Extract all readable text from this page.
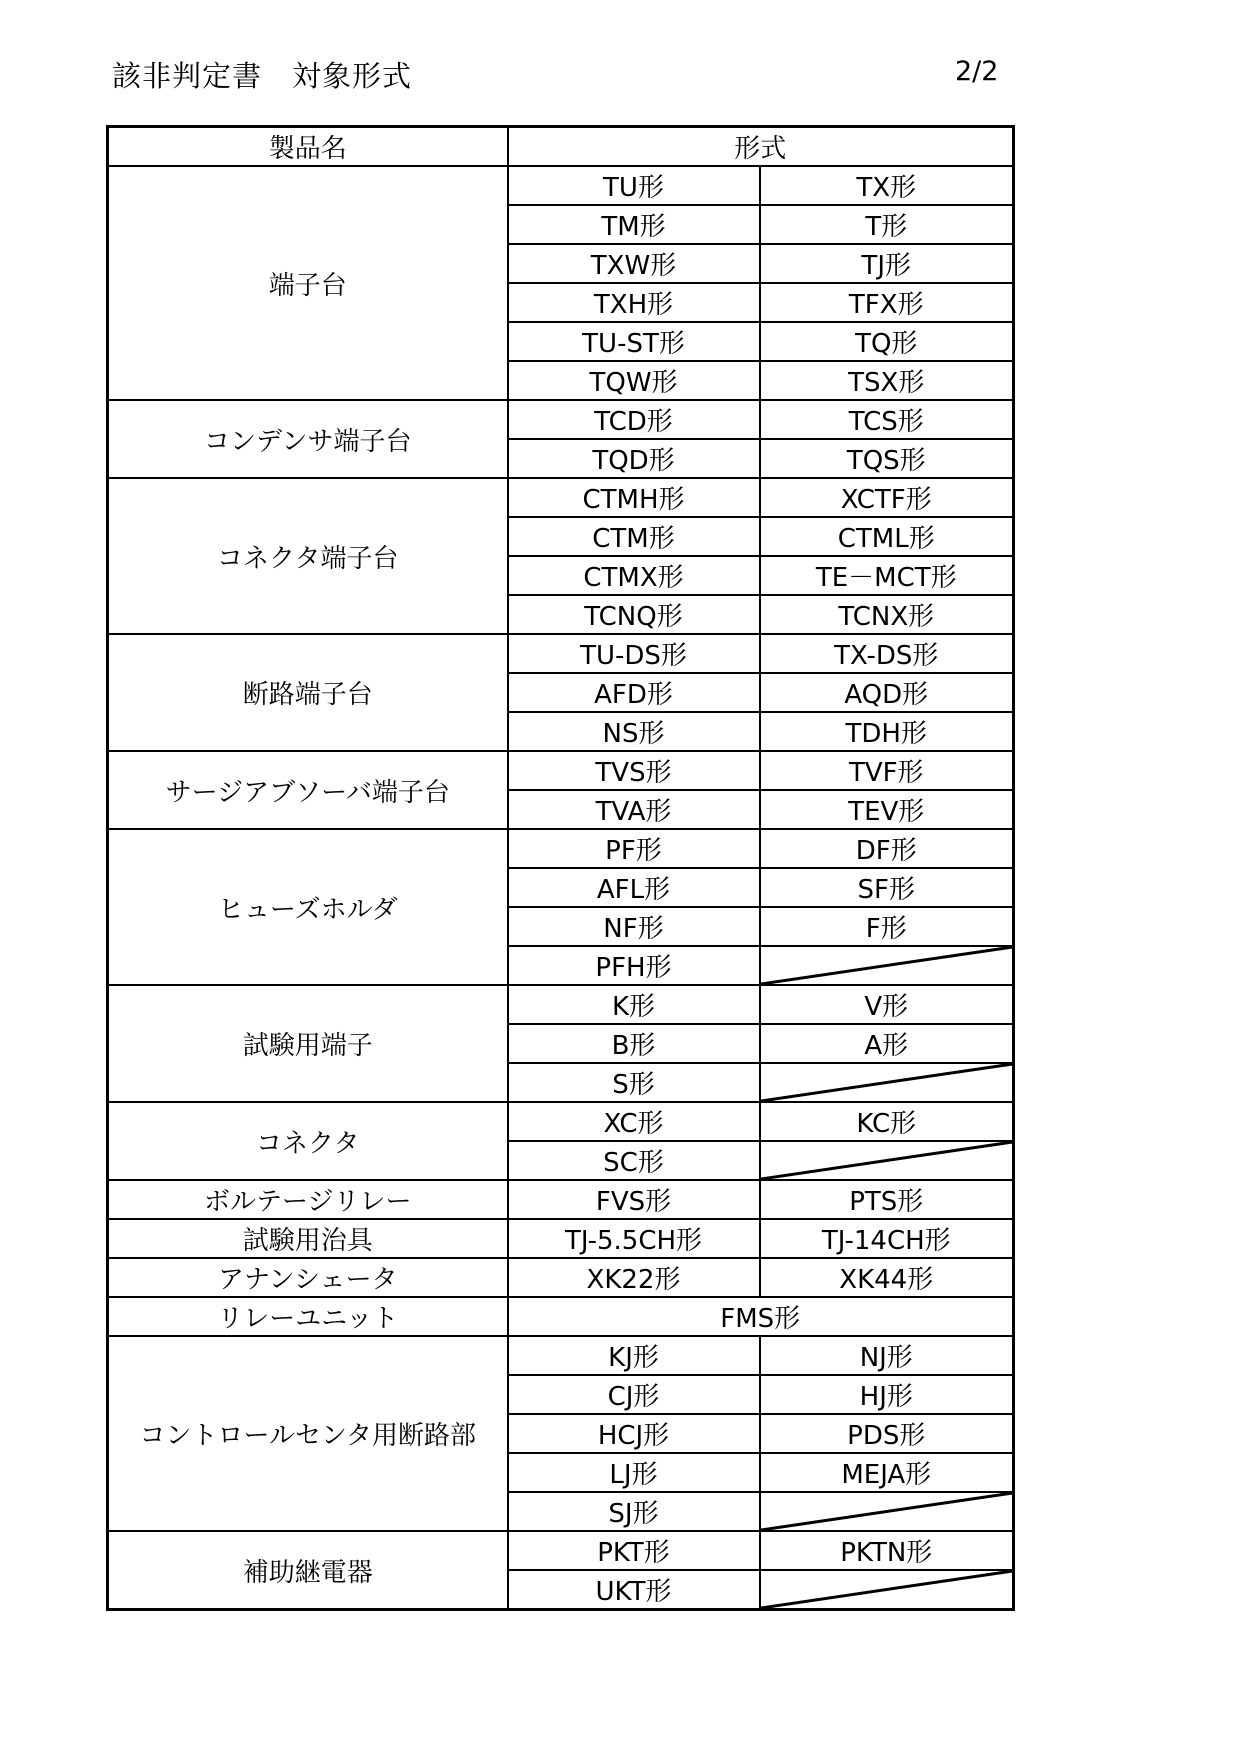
該非判定書　対象形式	2/2
製品名	形式	
端子台	TU形	TX形
	TM形	T形
	TXW形	TJ形
	TXH形	TFX形
	TU-ST形	TQ形
	TQW形	TSX形
コンデンサ端子台	TCD形	TCS形
	TQD形	TQS形
コネクタ端子台	CTMH形	XCTF形
	CTM形	CTML形
	CTMX形	TE－MCT形
	TCNQ形	TCNX形
断路端子台	TU-DS形	TX-DS形
	AFD形	AQD形
	NS形	TDH形
サージアブソーバ端子台	TVS形	TVF形
	TVA形	TEV形
ヒューズホルダ	PF形	DF形
	AFL形	SF形
	NF形	F形
	PFH形	

試験用端子	K形	V形
	B形	A形
	S形	

コネクタ	XC形	KC形
	SC形	

ボルテージリレー	FVS形	PTS形
試験用治具	TJ-5.5CH形	TJ-14CH形
アナンシェータ	XK22形	XK44形
リレーユニット	FMS形	
コントロールセンタ用断路部	KJ形	NJ形
	CJ形	HJ形
	HCJ形	PDS形
	LJ形	MEJA形
	SJ形	

補助継電器	PKT形	PKTN形
	UKT形	
